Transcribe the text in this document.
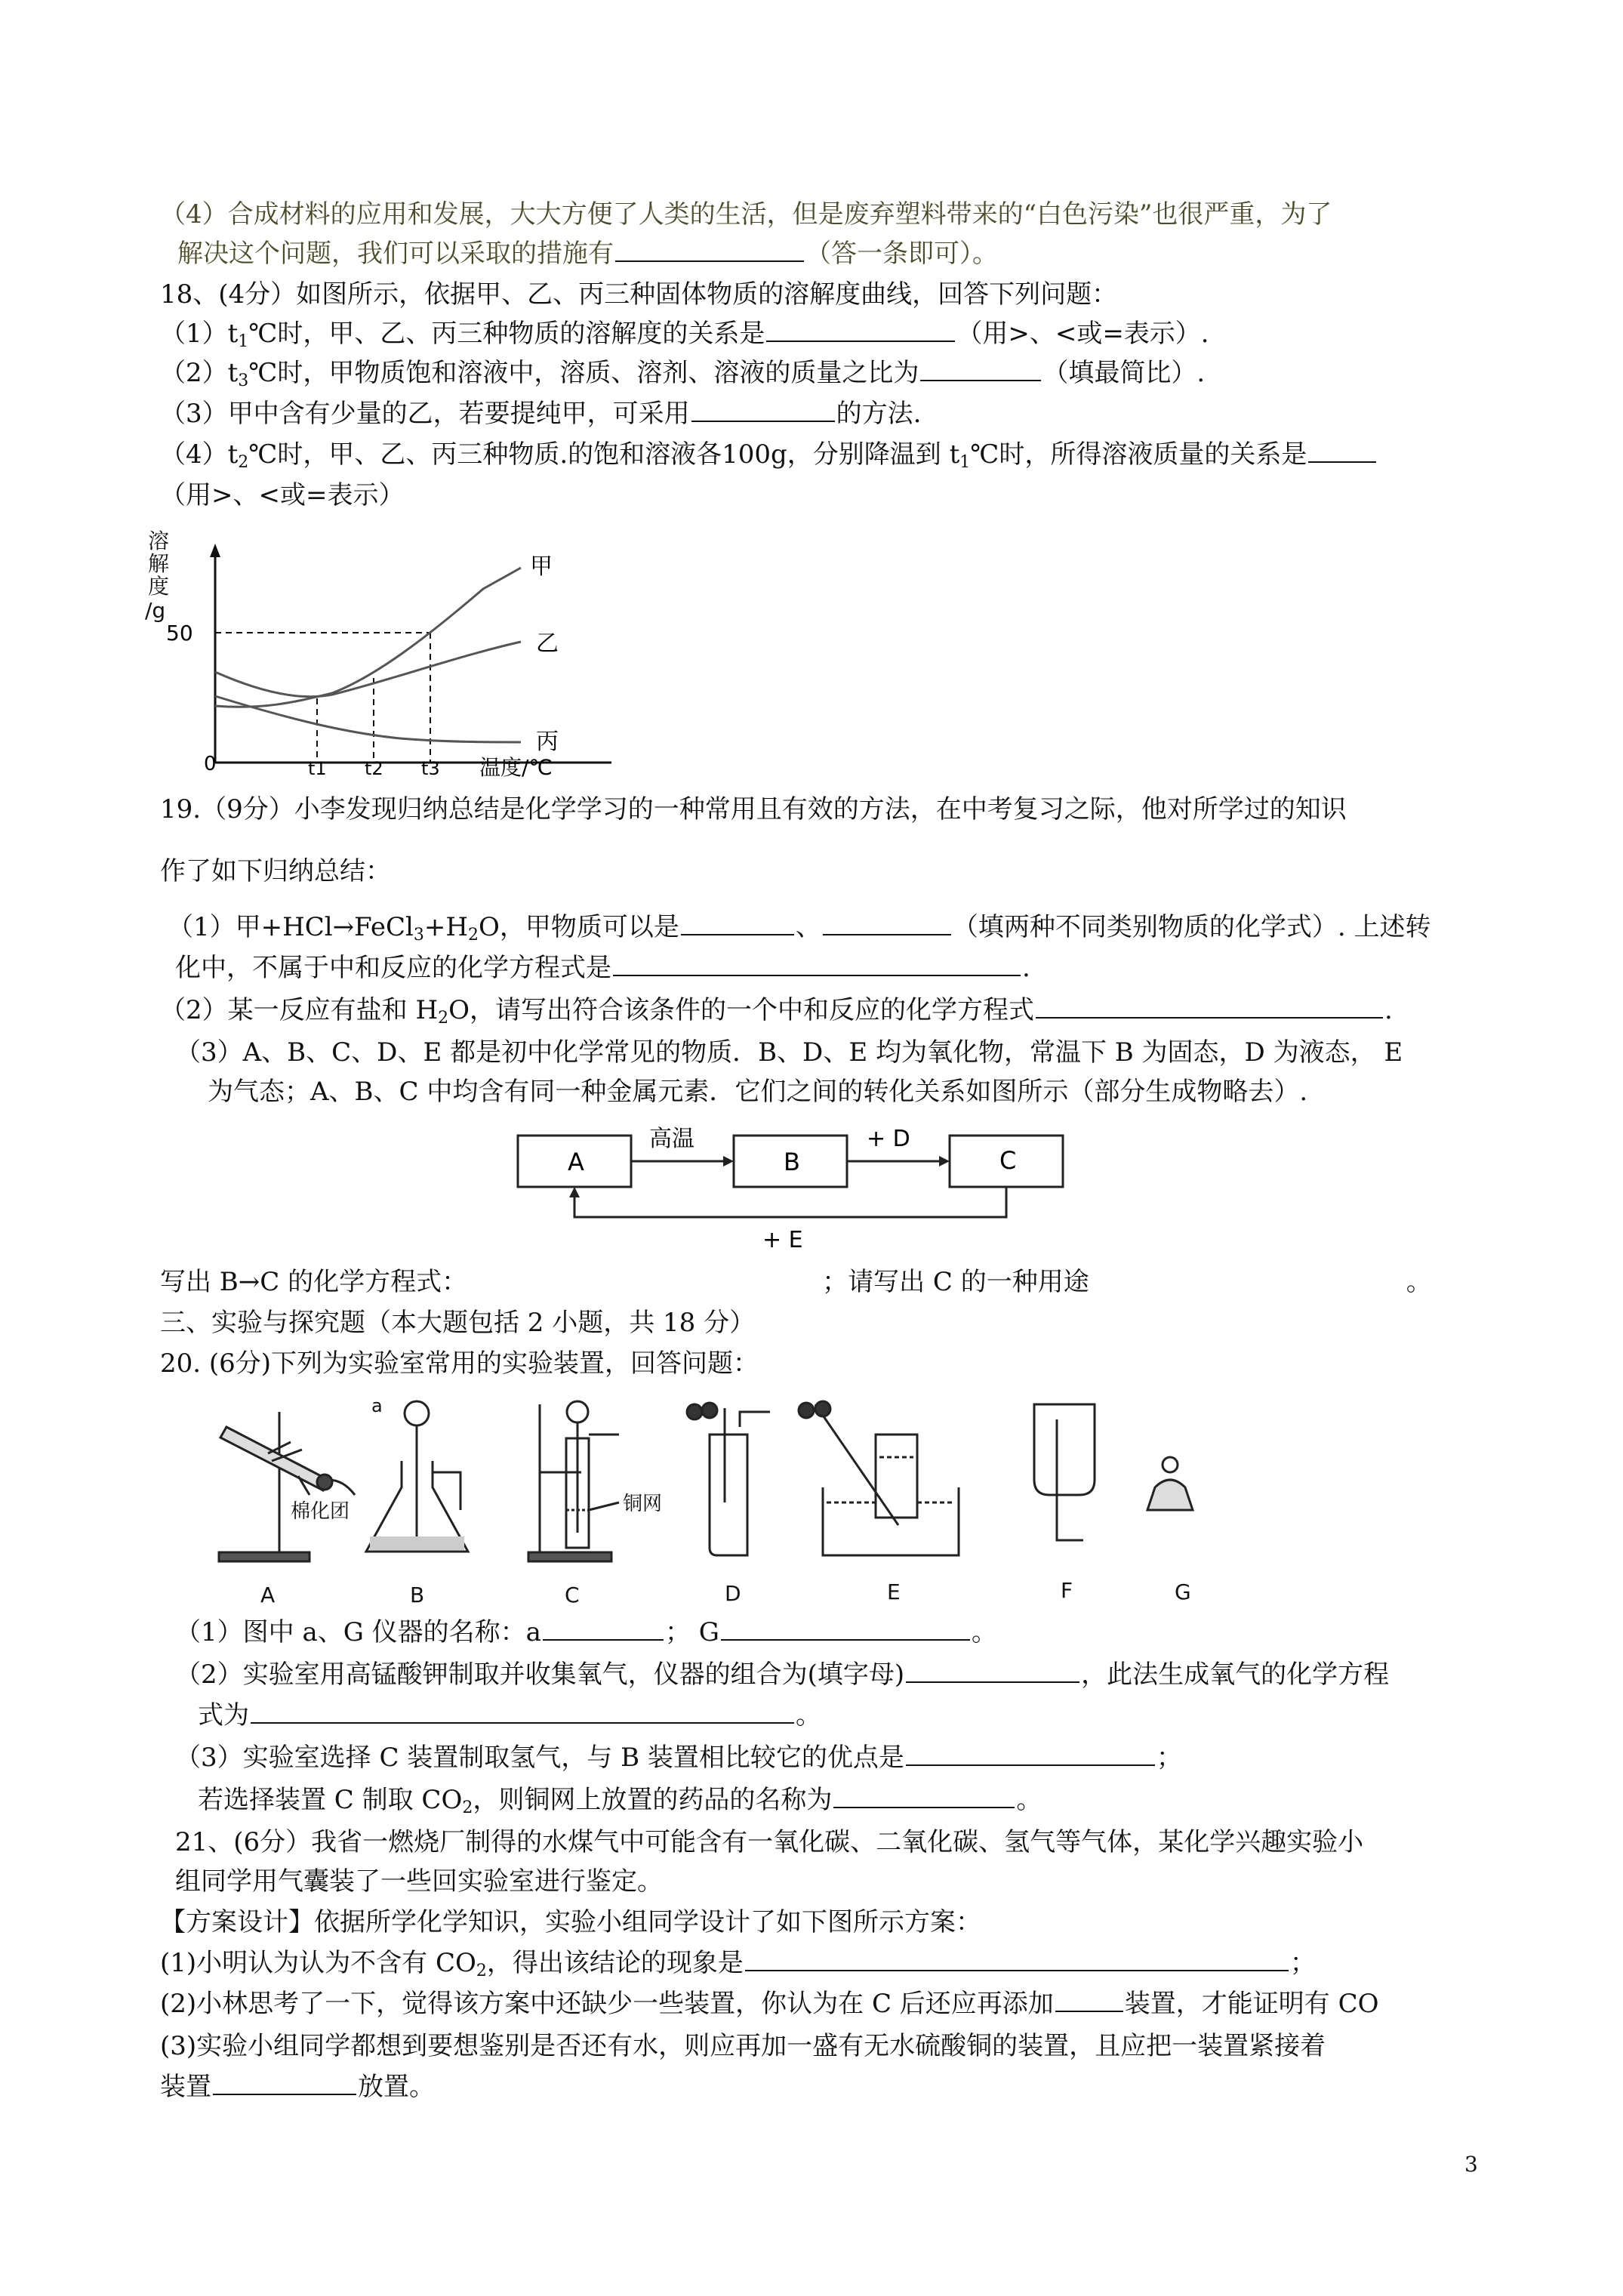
（4）合成材料的应用和发展，大大方便了人类的生活，但是废弃塑料带来的“白色污染”也很严重，为了
解决这个问题，我们可以采取的措施有	（答一条即可）。
18、(4分）如图所示，依据甲、乙、丙三种固体物质的溶解度曲线，回答下列问题：
$(1)t_1℃$时，甲、乙、丙三种物质的溶解度的关系是	（用>、<或=表示）.
$(2)t_3℃$时，甲物质饱和溶液中，溶质、溶剂、溶液的质量之比为	（填最简比）.
（3）甲中含有少量的乙，若要提纯甲，可采用	的方法.
$(4)t_2℃$时，甲、乙、丙三种物质.的饱和溶液各100g，分别降温到 $t_1℃$时，所得溶液质量的关系是
（用>、<或=表示）
溶
解
度
/g
50
0
甲
乙
丙
t1 t2 t3 温度/℃
19.（9分）小李发现归纳总结是化学学习的一种常用且有效的方法，在中考复习之际，他对所学过的知识
作了如下归纳总结：
（1）甲$+HCl\to FeCl_3+H_2O$，甲物质可以是	、	（填两种不同类别物质的化学式）. 上述转
化中，不属于中和反应的化学方程式是	.
（2）某一反应有盐和 $H_2O$，请写出符合该条件的一个中和反应的化学方程式	.
（3）A、B、C、D、E 都是初中化学常见的物质．B、D、E 均为氧化物，常温下 B 为固态，D 为液态， E
为气态；A、B、C 中均含有同一种金属元素．它们之间的转化关系如图所示（部分生成物略去）.
A	B	C
高温	+ D
+ E
写出 B→C 的化学方程式：	；请写出 C 的一种用途	。
三、实验与探究题（本大题包括 2 小题，共 18 分）
20. (6分)下列为实验室常用的实验装置，回答问题：
棉化团
a
铜网
A	B	C	D	E	F	G
（1）图中 a、G 仪器的名称：a	； G	。
（2）实验室用高锰酸钾制取并收集氧气，仪器的组合为(填字母)	，此法生成氧气的化学方程
式为	。
（3）实验室选择 C 装置制取氢气，与 B 装置相比较它的优点是	；
若选择装置 C 制取 $CO_2$，则铜网上放置的药品的名称为	。
21、(6分）我省一燃烧厂制得的水煤气中可能含有一氧化碳、二氧化碳、氢气等气体，某化学兴趣实验小
组同学用气囊装了一些回实验室进行鉴定。
【方案设计】依据所学化学知识，实验小组同学设计了如下图所示方案：
(1)小明认为认为不含有 $CO_2$，得出该结论的现象是	；
(2)小林思考了一下，觉得该方案中还缺少一些装置，你认为在 C 后还应再添加	装置，才能证明有 CO
(3)实验小组同学都想到要想鉴别是否还有水，则应再加一盛有无水硫酸铜的装置，且应把一装置紧接着
装置	放置。
3
